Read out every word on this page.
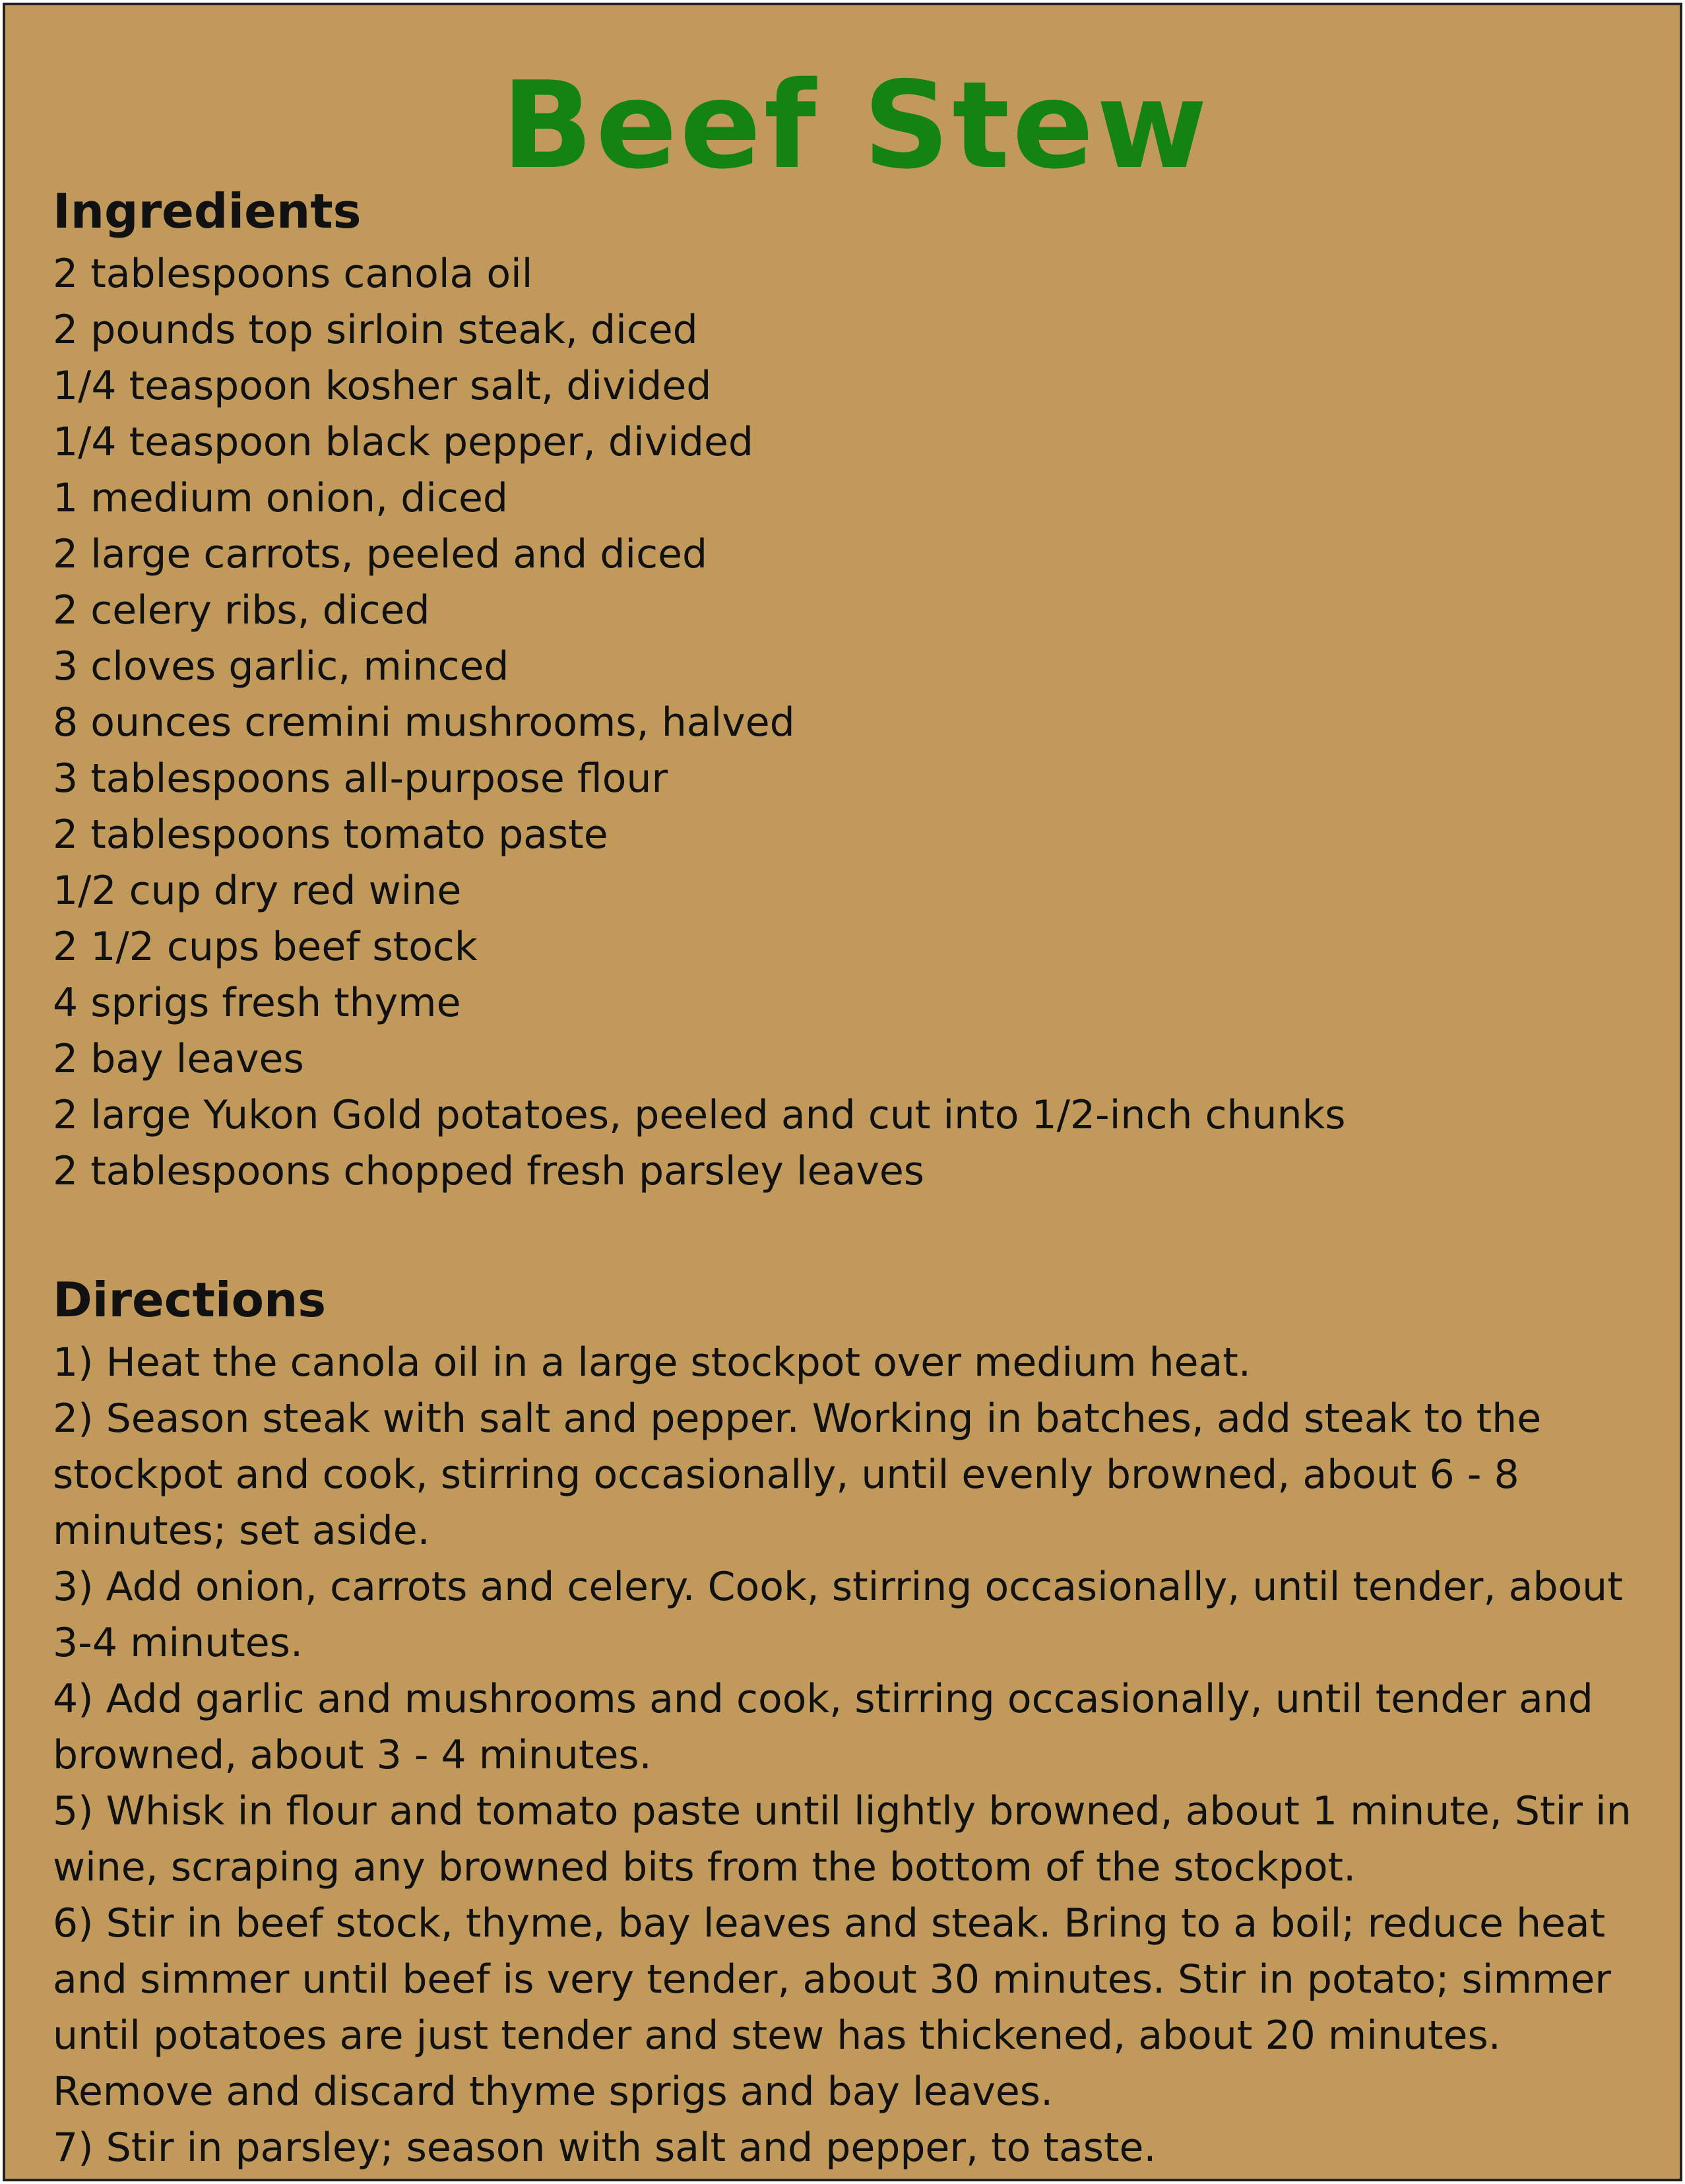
Beef Stew
Ingredients
2 tablespoons canola oil
2 pounds top sirloin steak, diced
1/4 teaspoon kosher salt, divided
1/4 teaspoon black pepper, divided
1 medium onion, diced
2 large carrots, peeled and diced
2 celery ribs, diced
3 cloves garlic, minced
8 ounces cremini mushrooms, halved
3 tablespoons all-purpose flour
2 tablespoons tomato paste
1/2 cup dry red wine
2 1/2 cups beef stock
4 sprigs fresh thyme
2 bay leaves
2 large Yukon Gold potatoes, peeled and cut into 1/2-inch chunks
2 tablespoons chopped fresh parsley leaves
Directions
1) Heat the canola oil in a large stockpot over medium heat.
2) Season steak with salt and pepper. Working in batches, add steak to the stockpot and cook, stirring occasionally, until evenly browned, about 6 - 8 minutes; set aside.
3) Add onion, carrots and celery. Cook, stirring occasionally, until tender, about 3-4 minutes.
4) Add garlic and mushrooms and cook, stirring occasionally, until tender and browned, about 3 - 4 minutes.
5) Whisk in flour and tomato paste until lightly browned, about 1 minute, Stir in wine, scraping any browned bits from the bottom of the stockpot.
6) Stir in beef stock, thyme, bay leaves and steak. Bring to a boil; reduce heat and simmer until beef is very tender, about 30 minutes. Stir in potato; simmer until potatoes are just tender and stew has thickened, about 20 minutes. Remove and discard thyme sprigs and bay leaves.
7) Stir in parsley; season with salt and pepper, to taste.
